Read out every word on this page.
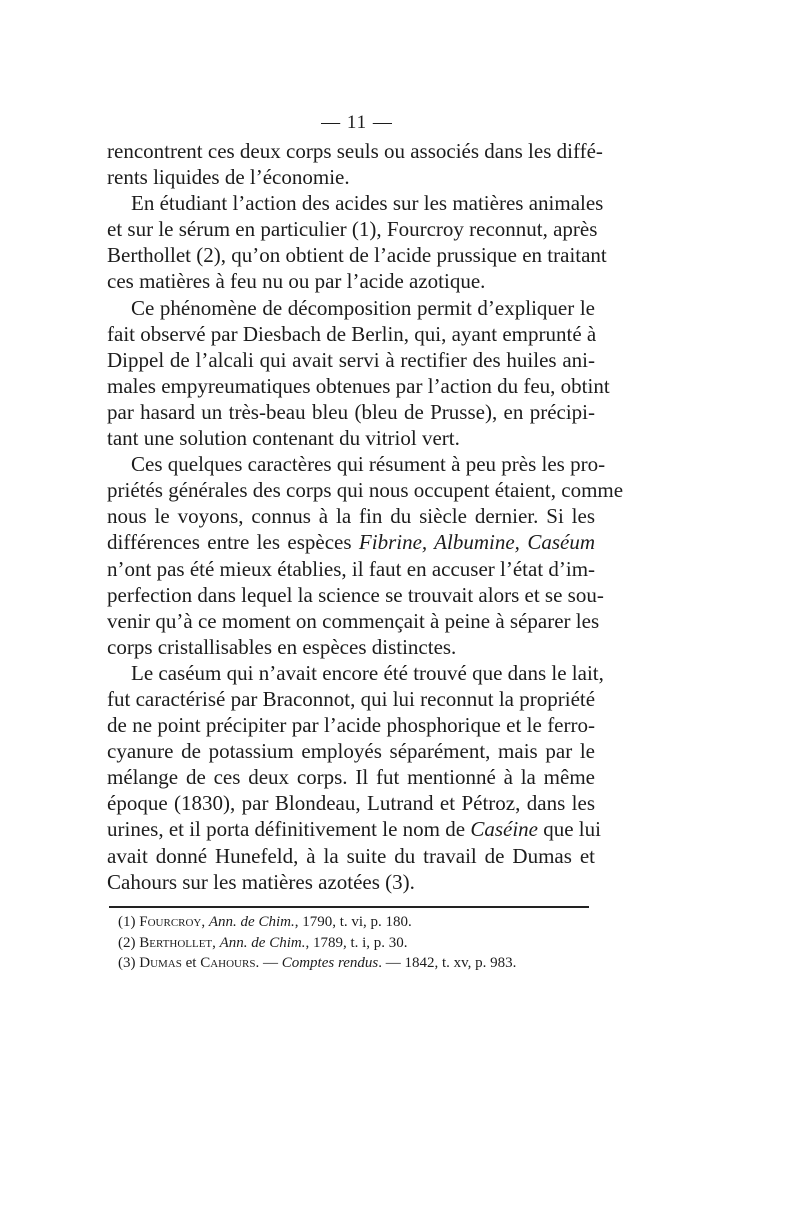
— 11 —

rencontrent ces deux corps seuls ou associés dans les diffé-
rents liquides de l’économie.

En étudiant l’action des acides sur les matières animales
et sur le sérum en particulier (1), Fourcroy reconnut, après
Berthollet (2), qu’on obtient de l’acide prussique en traitant
ces matières à feu nu ou par l’acide azotique.

Ce phénomène de décomposition permit d’expliquer le
fait observé par Diesbach de Berlin, qui, ayant emprunté à
Dippel de l’alcali qui avait servi à rectifier des huiles ani-
males empyreumatiques obtenues par l’action du feu, obtint
par hasard un très-beau bleu (bleu de Prusse), en précipi-
tant une solution contenant du vitriol vert.

Ces quelques caractères qui résument à peu près les pro-
priétés générales des corps qui nous occupent étaient, comme
nous le voyons, connus à la fin du siècle dernier. Si les
différences entre les espèces Fibrine, Albumine, Caséum
n’ont pas été mieux établies, il faut en accuser l’état d’im-
perfection dans lequel la science se trouvait alors et se sou-
venir qu’à ce moment on commençait à peine à séparer les
corps cristallisables en espèces distinctes.

Le caséum qui n’avait encore été trouvé que dans le lait,
fut caractérisé par Braconnot, qui lui reconnut la propriété
de ne point précipiter par l’acide phosphorique et le ferro-
cyanure de potassium employés séparément, mais par le
mélange de ces deux corps. Il fut mentionné à la même
époque (1830), par Blondeau, Lutrand et Pétroz, dans les
urines, et il porta définitivement le nom de Caséine que lui
avait donné Hunefeld, à la suite du travail de Dumas et
Cahours sur les matières azotées (3).

(1) Fourcroy, Ann. de Chim., 1790, t. vi, p. 180.

(2) Berthollet, Ann. de Chim., 1789, t. i, p. 30.

(3) Dumas et Cahours. — Comptes rendus. — 1842, t. xv, p. 983.
